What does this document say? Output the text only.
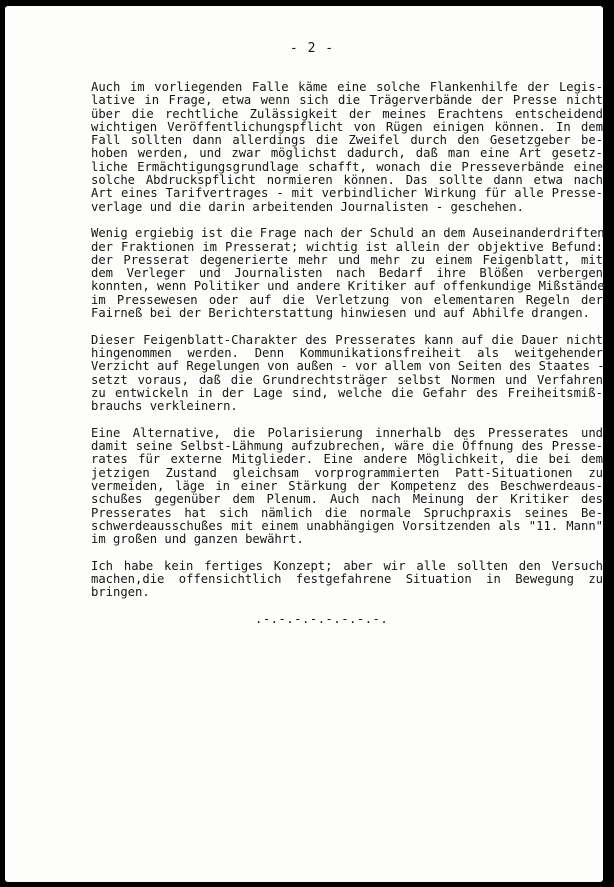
- 2 -
Auch im vorliegenden Falle käme eine solche Flankenhilfe der Legis-
lative in Frage, etwa wenn sich die Trägerverbände der Presse nicht
über die rechtliche Zulässigkeit der meines Erachtens entscheidend
wichtigen Veröffentlichungspflicht von Rügen einigen können. In dem
Fall sollten dann allerdings die Zweifel durch den Gesetzgeber be-
hoben werden, und zwar möglichst dadurch, daß man eine Art gesetz-
liche Ermächtigungsgrundlage schafft, wonach die Presseverbände eine
solche Abdruckspflicht normieren können. Das sollte dann etwa nach
Art eines Tarifvertrages - mit verbindlicher Wirkung für alle Presse-
verlage und die darin arbeitenden Journalisten - geschehen.
Wenig ergiebig ist die Frage nach der Schuld an dem Auseinanderdriften
der Fraktionen im Presserat; wichtig ist allein der objektive Befund:
der Presserat degenerierte mehr und mehr zu einem Feigenblatt, mit
dem Verleger und Journalisten nach Bedarf ihre Blößen verbergen
konnten, wenn Politiker und andere Kritiker auf offenkundige Mißstände
im Pressewesen oder auf die Verletzung von elementaren Regeln der
Fairneß bei der Berichterstattung hinwiesen und auf Abhilfe drangen.
Dieser Feigenblatt-Charakter des Presserates kann auf die Dauer nicht
hingenommen werden. Denn Kommunikationsfreiheit als weitgehender
Verzicht auf Regelungen von außen - vor allem von Seiten des Staates -
setzt voraus, daß die Grundrechtsträger selbst Normen und Verfahren
zu entwickeln in der Lage sind, welche die Gefahr des Freiheitsmiß-
brauchs verkleinern.
Eine Alternative, die Polarisierung innerhalb des Presserates und
damit seine Selbst-Lähmung aufzubrechen, wäre die Öffnung des Presse-
rates für externe Mitglieder. Eine andere Möglichkeit, die bei dem
jetzigen Zustand gleichsam vorprogrammierten Patt-Situationen zu
vermeiden, läge in einer Stärkung der Kompetenz des Beschwerdeaus-
schußes gegenüber dem Plenum. Auch nach Meinung der Kritiker des
Presserates hat sich nämlich die normale Spruchpraxis seines Be-
schwerdeausschußes mit einem unabhängigen Vorsitzenden als "11. Mann"
im großen und ganzen bewährt.
Ich habe kein fertiges Konzept; aber wir alle sollten den Versuch
machen,die offensichtlich festgefahrene Situation in Bewegung zu
bringen.
.-.-.-.-.-.-.-.-.
